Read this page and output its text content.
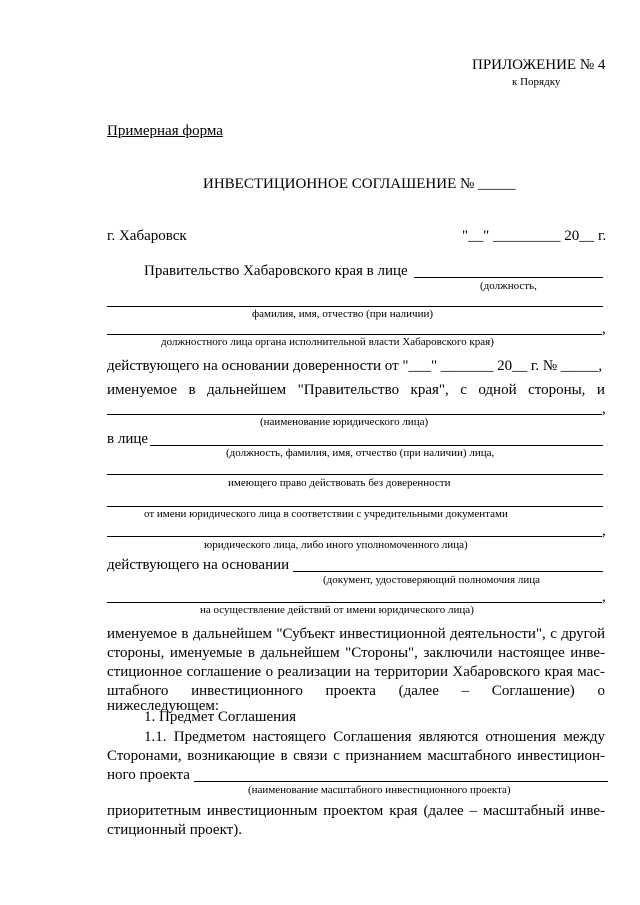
ПРИЛОЖЕНИЕ № 4
к Порядку
Примерная форма
ИНВЕСТИЦИОННОЕ СОГЛАШЕНИЕ № _____
г. Хабаровск	"__" _________ 20__ г.
Правительство Хабаровского края в лице
(должность,
фамилия, имя, отчество (при наличии)
,
должностного лица органа исполнительной власти Хабаровского края)
действующего на основании доверенности от "___" _______ 20__ г. № _____,
именуемое в дальнейшем "Правительство края", с одной стороны, и
,
(наименование юридического лица)
в лице
(должность, фамилия, имя, отчество (при наличии) лица,
имеющего право действовать без доверенности
от имени юридического лица в соответствии с учредительными документами
,
юридического лица, либо иного уполномоченного лица)
действующего на основании
(документ, удостоверяющий полномочия лица
,
на осуществление действий от имени юридического лица)
именуемое в дальнейшем "Субъект инвестиционной деятельности", с другой
стороны, именуемые в дальнейшем "Стороны", заключили настоящее инве-
стиционное соглашение о реализации на территории Хабаровского края мас-
штабного инвестиционного проекта (далее – Соглашение) о нижеследующем:
1. Предмет Соглашения
1.1. Предметом настоящего Соглашения являются отношения между
Сторонами, возникающие в связи с признанием масштабного инвестицион-
ного проекта
(наименование масштабного инвестиционного проекта)
приоритетным инвестиционным проектом края (далее – масштабный инве-
стиционный проект).
